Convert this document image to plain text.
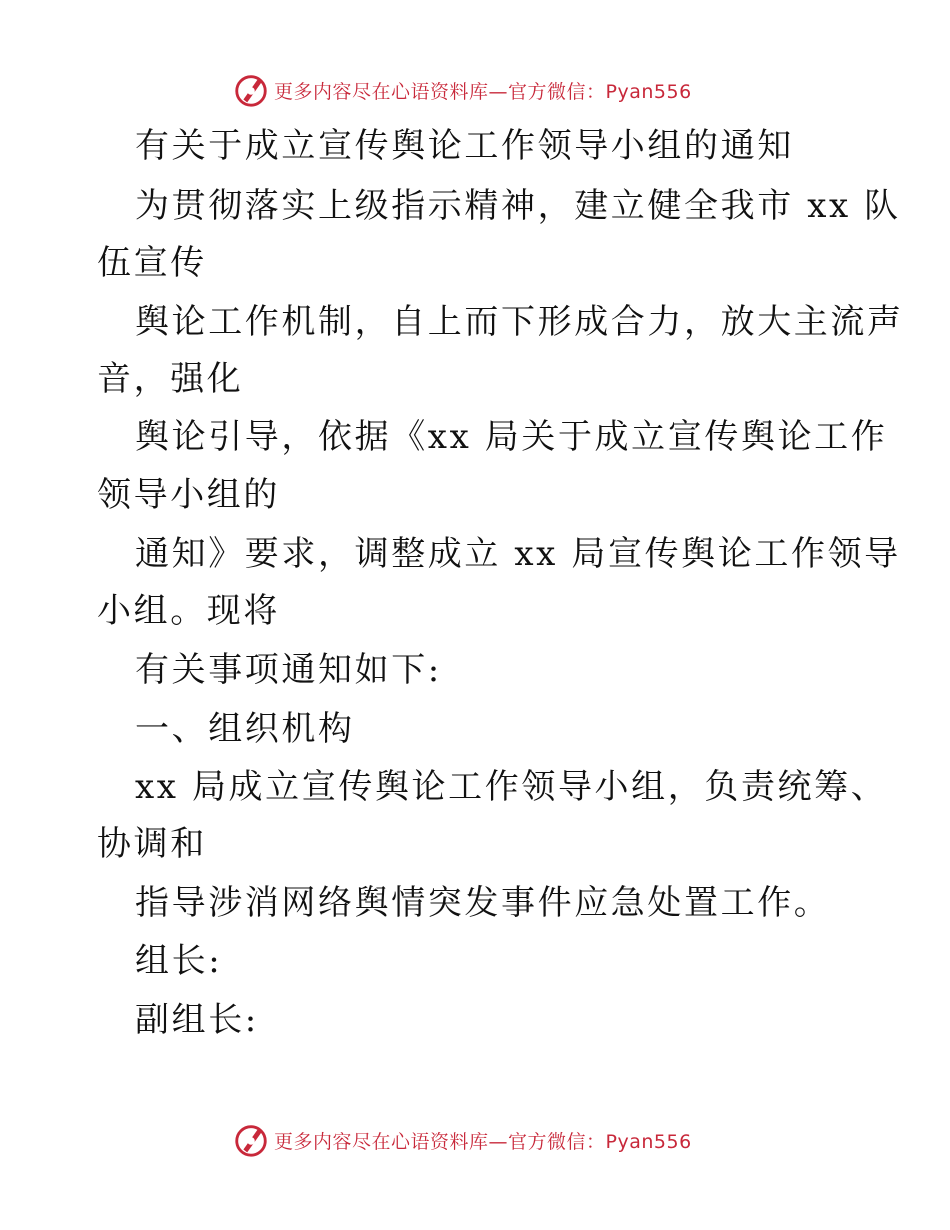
更多内容尽在心语资料库—官方微信：Pyan556
有关于成立宣传舆论工作领导小组的通知
为贯彻落实上级指示精神，建立健全我市 xx 队
伍宣传
舆论工作机制，自上而下形成合力，放大主流声
音，强化
舆论引导，依据《xx 局关于成立宣传舆论工作
领导小组的
通知》要求，调整成立 xx 局宣传舆论工作领导
小组。现将
有关事项通知如下:
一、组织机构
xx 局成立宣传舆论工作领导小组，负责统筹、
协调和
指导涉消网络舆情突发事件应急处置工作。
组长:
副组长:
更多内容尽在心语资料库—官方微信：Pyan556
